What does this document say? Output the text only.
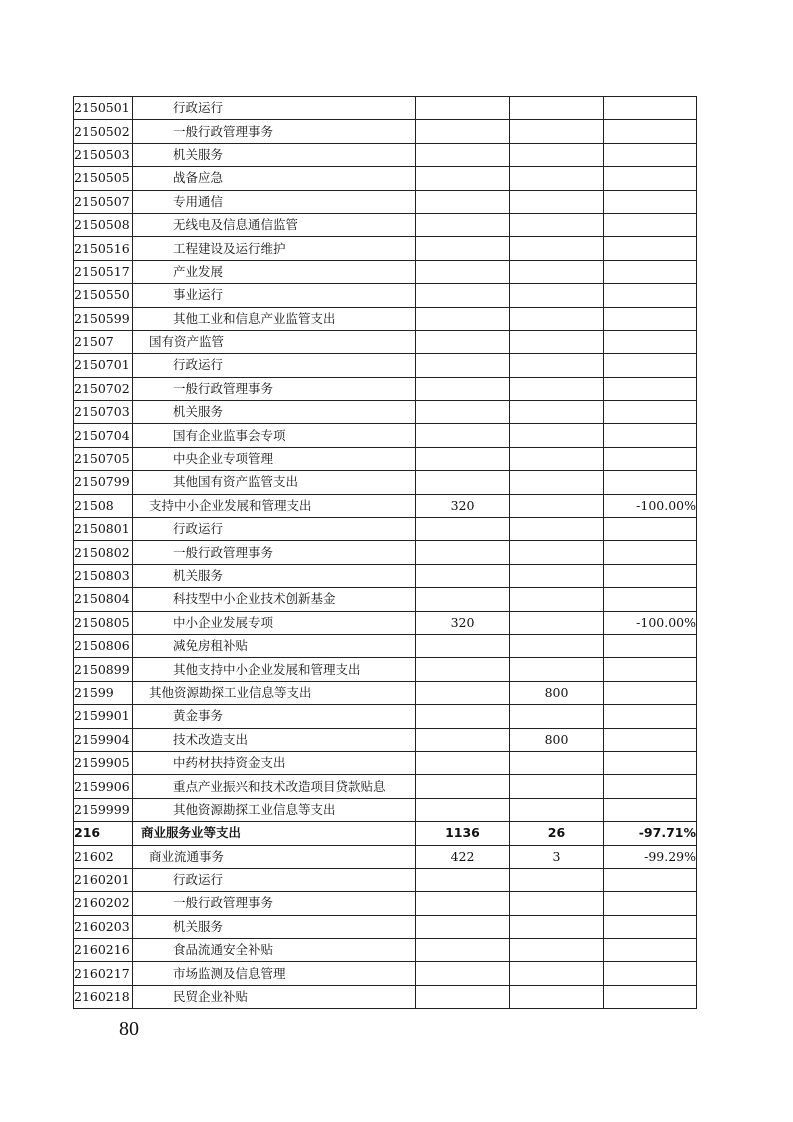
2150501	行政运行			
2150502	一般行政管理事务			
2150503	机关服务			
2150505	战备应急			
2150507	专用通信			
2150508	无线电及信息通信监管			
2150516	工程建设及运行维护			
2150517	产业发展			
2150550	事业运行			
2150599	其他工业和信息产业监管支出			
21507	国有资产监管			
2150701	行政运行			
2150702	一般行政管理事务			
2150703	机关服务			
2150704	国有企业监事会专项			
2150705	中央企业专项管理			
2150799	其他国有资产监管支出			
21508	支持中小企业发展和管理支出	320		-100.00%
2150801	行政运行			
2150802	一般行政管理事务			
2150803	机关服务			
2150804	科技型中小企业技术创新基金			
2150805	中小企业发展专项	320		-100.00%
2150806	减免房租补贴			
2150899	其他支持中小企业发展和管理支出			
21599	其他资源勘探工业信息等支出		800	
2159901	黄金事务			
2159904	技术改造支出		800	
2159905	中药材扶持资金支出			
2159906	重点产业振兴和技术改造项目贷款贴息			
2159999	其他资源勘探工业信息等支出			
216	商业服务业等支出	1136	26	-97.71%
21602	商业流通事务	422	3	-99.29%
2160201	行政运行			
2160202	一般行政管理事务			
2160203	机关服务			
2160216	食品流通安全补贴			
2160217	市场监测及信息管理			
2160218	民贸企业补贴			
80
